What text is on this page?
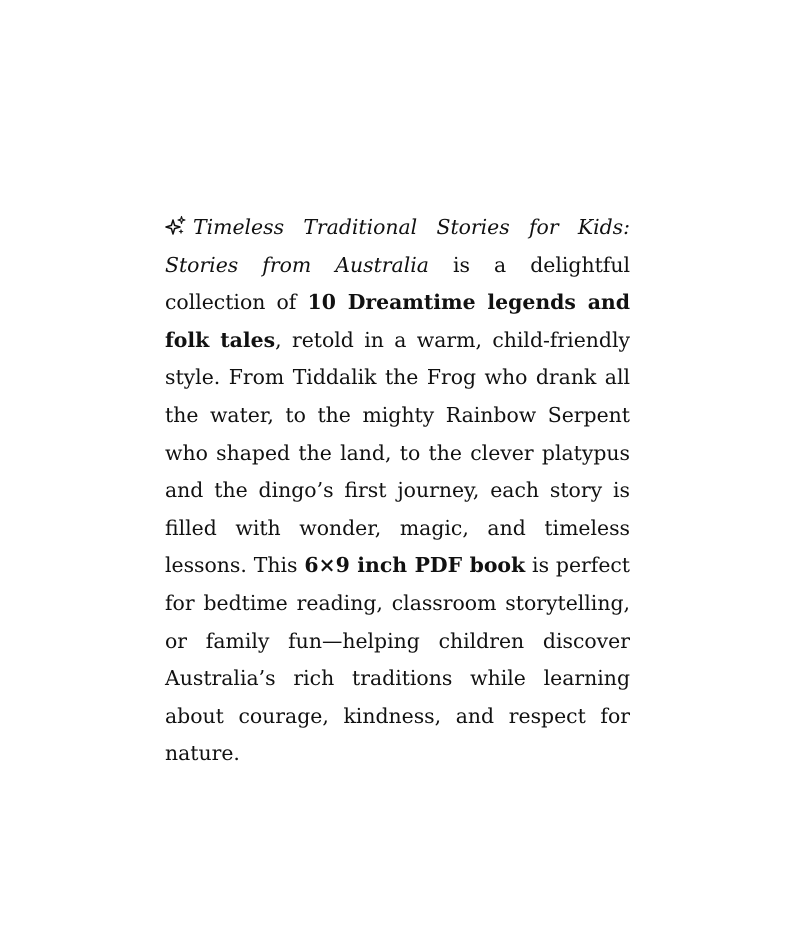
Timeless Traditional Stories for Kids: Stories from Australia is a delightful collection of 10 Dreamtime legends and folk tales, retold in a warm, child-friendly style. From Tiddalik the Frog who drank all the water, to the mighty Rainbow Serpent who shaped the land, to the clever platypus and the dingo’s first journey, each story is filled with wonder, magic, and timeless lessons. This 6×9 inch PDF book is perfect for bedtime reading, classroom storytelling, or family fun—helping children discover Australia’s rich traditions while learning about courage, kindness, and respect for nature.
